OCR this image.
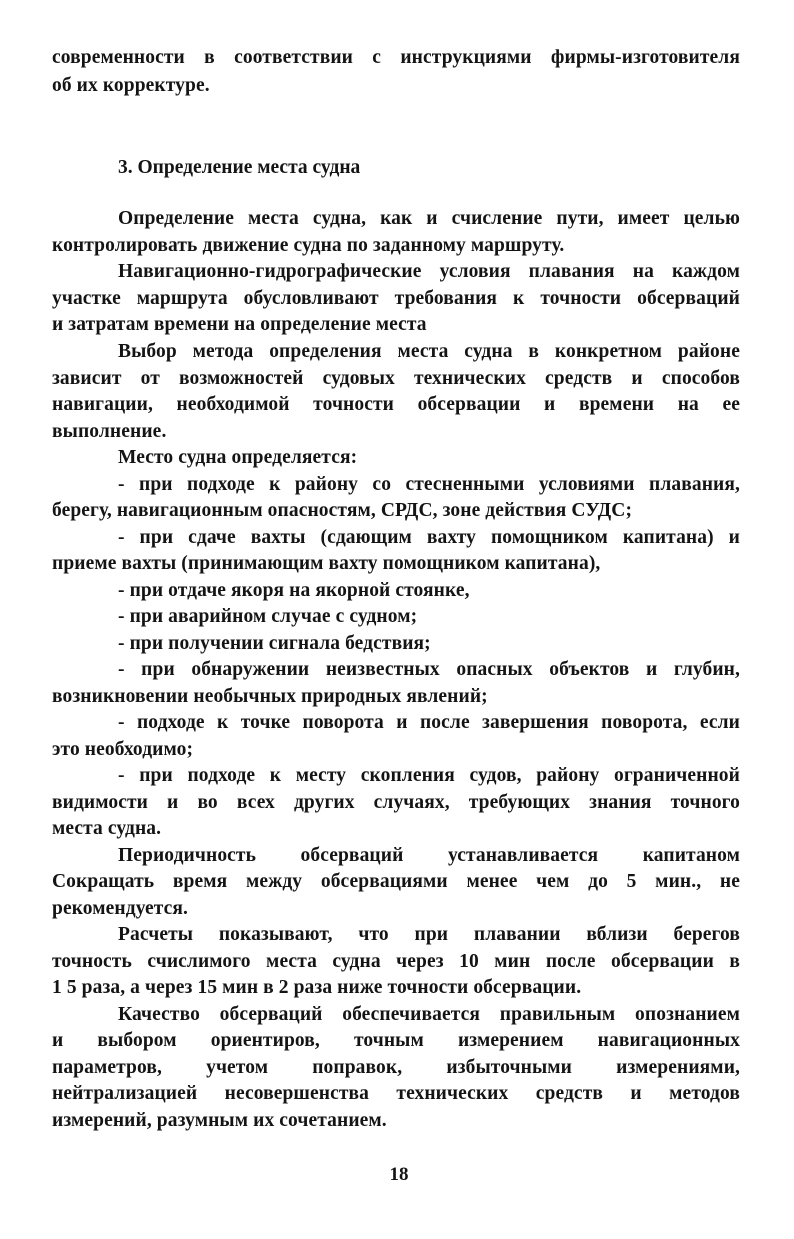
современности в соответствии с инструкциями фирмы-изготовителя
об их корректуре.
3. Определение места судна
Определение места судна, как и счисление пути, имеет целью
контролировать движение судна по заданному маршруту.
Навигационно-гидрографические условия плавания на каждом
участке маршрута обусловливают требования к точности обсерваций
и затратам времени на определение места
Выбор метода определения места судна в конкретном районе
зависит от возможностей судовых технических средств и способов
навигации, необходимой точности обсервации и времени на ее
выполнение.
Место судна определяется:
- при подходе к району со стесненными условиями плавания,
берегу, навигационным опасностям, СРДС, зоне действия СУДС;
- при сдаче вахты (сдающим вахту помощником капитана) и
приеме вахты (принимающим вахту помощником капитана),
- при отдаче якоря на якорной стоянке,
- при аварийном случае с судном;
- при получении сигнала бедствия;
- при обнаружении неизвестных опасных объектов и глубин,
возникновении необычных природных явлений;
- подходе к точке поворота и после завершения поворота, если
это необходимо;
- при подходе к месту скопления судов, району ограниченной
видимости и во всех других случаях, требующих знания точного
места судна.
Периодичность обсерваций устанавливается капитаном
Сокращать время между обсервациями менее чем до 5 мин., не
рекомендуется.
Расчеты показывают, что при плавании вблизи берегов
точность счислимого места судна через 10 мин после обсервации в
1 5 раза, а через 15 мин в 2 раза ниже точности обсервации.
Качество обсерваций обеспечивается правильным опознанием
и выбором ориентиров, точным измерением навигационных
параметров, учетом поправок, избыточными измерениями,
нейтрализацией несовершенства технических средств и методов
измерений, разумным их сочетанием.
18
